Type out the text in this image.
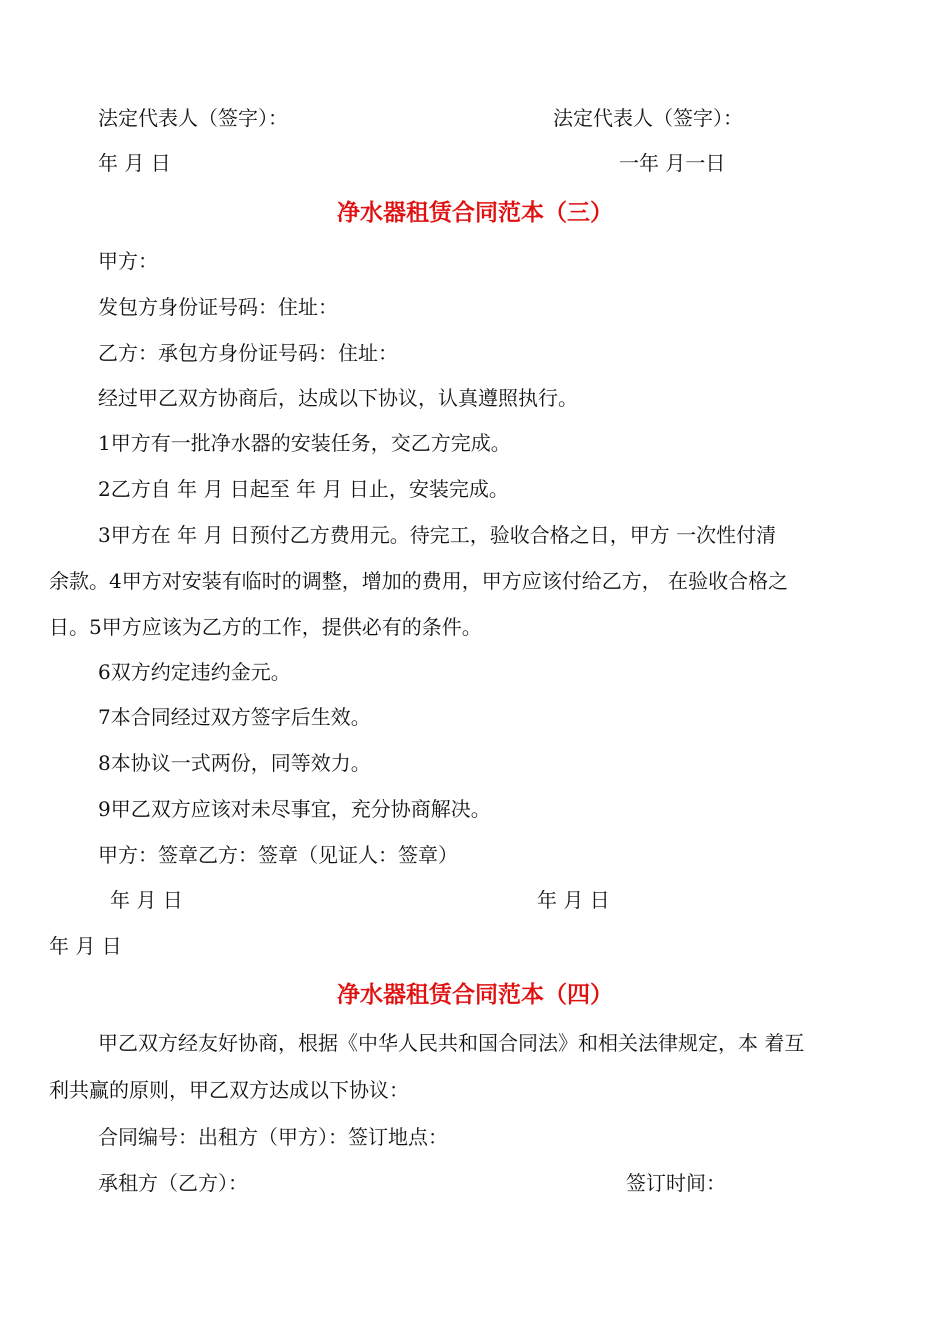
法定代表人（签字）：	法定代表人（签字）：
年 月 日	一年 月一日
净水器租赁合同范本（三）
甲方：
发包方身份证号码：住址：
乙方：承包方身份证号码：住址：
经过甲乙双方协商后，达成以下协议，认真遵照执行。
1甲方有一批净水器的安装任务，交乙方完成。
2乙方自 年 月 日起至 年 月 日止，安装完成。
3甲方在 年 月 日预付乙方费用元。待完工，验收合格之日，甲方 一次性付清
余款。4甲方对安装有临时的调整，增加的费用，甲方应该付给乙方， 在验收合格之
日。5甲方应该为乙方的工作，提供必有的条件。
6双方约定违约金元。
7本合同经过双方签字后生效。
8本协议一式两份，同等效力。
9甲乙双方应该对未尽事宜，充分协商解决。
甲方：签章乙方：签章（见证人：签章）
年 月 日	年 月 日
年 月 日
净水器租赁合同范本（四）
甲乙双方经友好协商，根据《中华人民共和国合同法》和相关法律规定，本 着互
利共赢的原则，甲乙双方达成以下协议：
合同编号：出租方（甲方）：签订地点：
承租方（乙方）：	签订时间：
